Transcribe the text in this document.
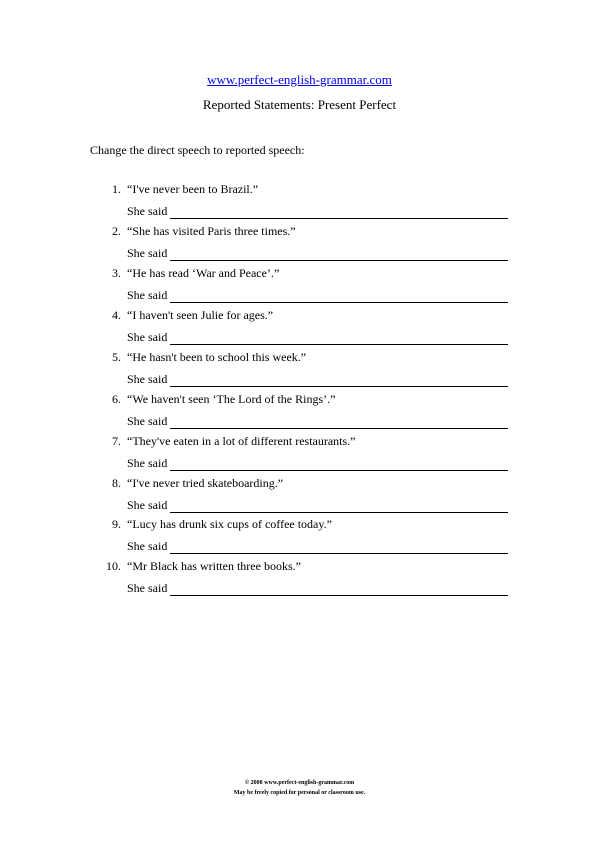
www.perfect-english-grammar.com
Reported Statements: Present Perfect
Change the direct speech to reported speech:
1. “I've never been to Brazil.”
She said
2. “She has visited Paris three times.”
She said
3. “He has read ‘War and Peace’.”
She said
4. “I haven't seen Julie for ages.”
She said
5. “He hasn't been to school this week.”
She said
6. “We haven't seen ‘The Lord of the Rings’.”
She said
7. “They've eaten in a lot of different restaurants.”
She said
8. “I've never tried skateboarding.”
She said
9. “Lucy has drunk six cups of coffee today.”
She said
10. “Mr Black has written three books.”
She said
© 2008 www.perfect-english-grammar.com
May be freely copied for personal or classroom use.
